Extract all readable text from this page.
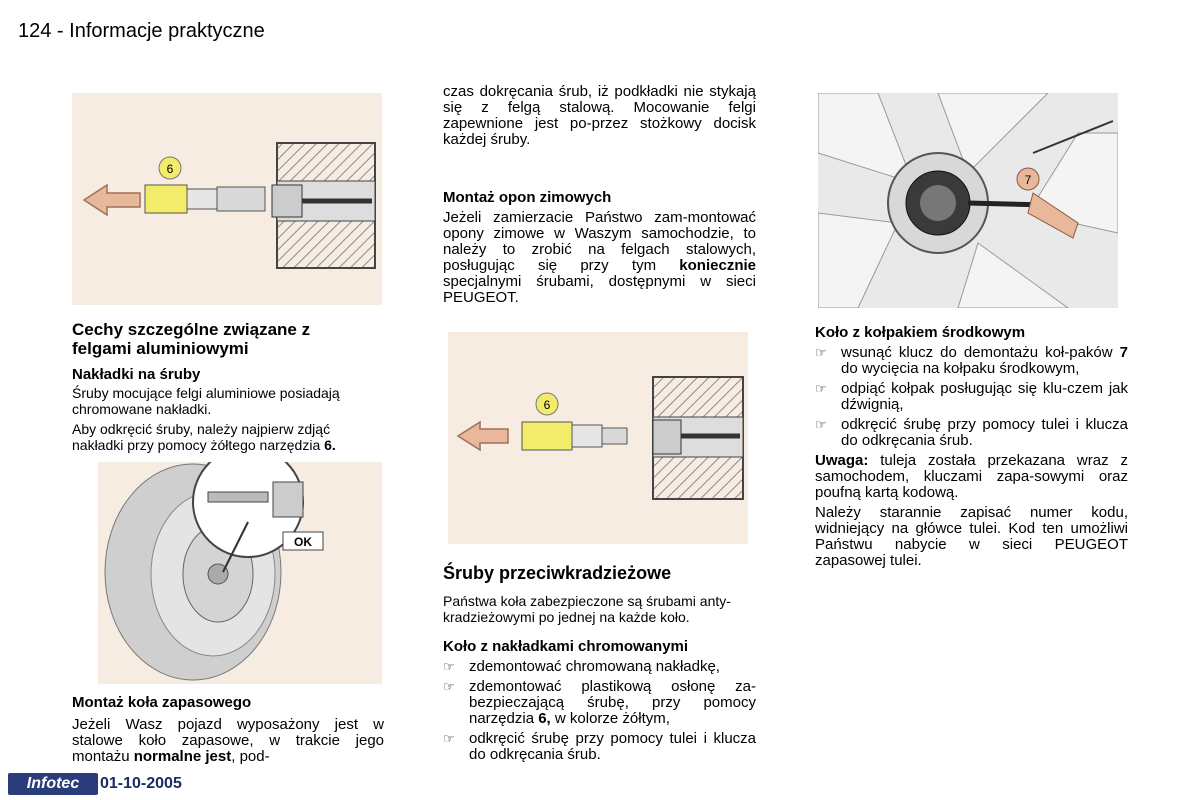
124 - Informacje praktyczne
6
Cechy szczególne związane z
felgami aluminiowymi
Nakładki na śruby

Śruby mocujące felgi aluminiowe posiadają chromowane nakładki.

Aby odkręcić śruby, należy najpierw zdjąć nakładki przy pomocy żółtego narzędzia 6.

OK
Montaż koła zapasowego

Jeżeli Wasz pojazd wyposażony jest w stalowe koło zapasowe, w trakcie jego montażu normalne jest, pod-

czas dokręcania śrub, iż podkładki nie stykają się z felgą stalową. Mocowanie felgi zapewnione jest po-przez stożkowy docisk każdej śruby.

Montaż opon zimowych

Jeżeli zamierzacie Państwo zam-montować opony zimowe w Waszym samochodzie, to należy to zrobić na felgach stalowych, posługując się przy tym koniecznie specjalnymi śrubami, dostępnymi w sieci PEUGEOT.

6
Śruby przeciwkradzieżowe

Państwa koła zabezpieczone są śrubami anty-kradzieżowymi po jednej na każde koło.

Koło z nakładkami chromowanymi
☞ zdemontować chromowaną nakładkę,
☞ zdemontować plastikową osłonę za-bezpieczającą śrubę, przy pomocy narzędzia 6, w kolorze żółtym,
☞ odkręcić śrubę przy pomocy tulei i klucza do odkręcania śrub.
7
Koło z kołpakiem środkowym
☞ wsunąć klucz do demontażu koł-paków 7 do wycięcia na kołpaku środkowym,
☞ odpiąć kołpak posługując się klu-czem jak dźwignią,
☞ odkręcić śrubę przy pomocy tulei i klucza do odkręcania śrub.

Uwaga: tuleja została przekazana wraz z samochodem, kluczami zapa-sowymi oraz poufną kartą kodową.

Należy starannie zapisać numer kodu, widniejący na główce tulei. Kod ten umożliwi Państwu nabycie w sieci PEUGEOT zapasowej tulei.

Infotec	01-10-2005
